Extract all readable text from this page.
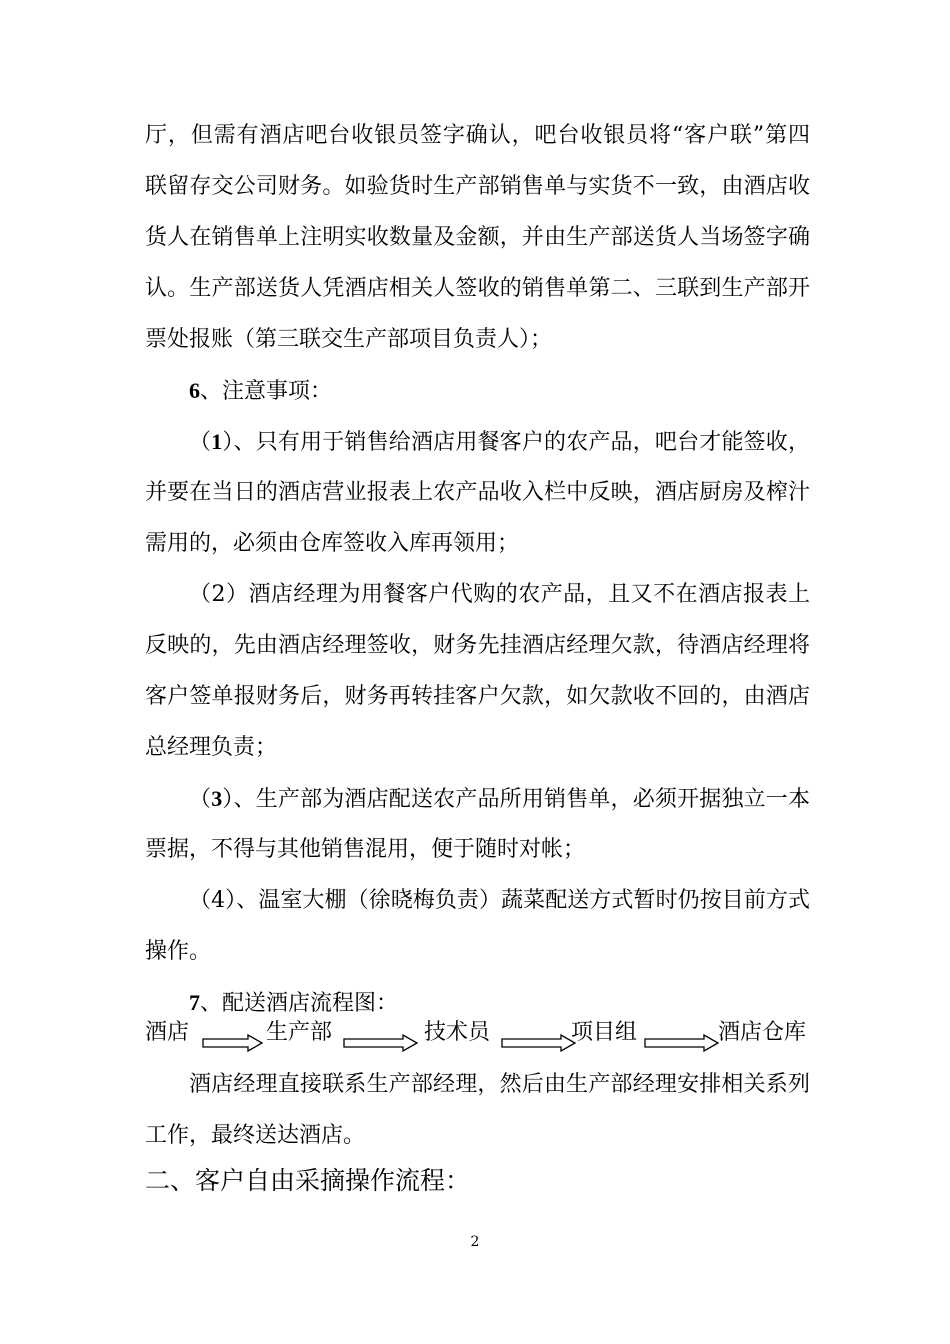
厅，但需有酒店吧台收银员签字确认，吧台收银员将“客户联”第四
联留存交公司财务。如验货时生产部销售单与实货不一致，由酒店收
货人在销售单上注明实收数量及金额，并由生产部送货人当场签字确
认。生产部送货人凭酒店相关人签收的销售单第二、三联到生产部开
票处报账（第三联交生产部项目负责人）；
6、注意事项：
（1）、只有用于销售给酒店用餐客户的农产品，吧台才能签收，
并要在当日的酒店营业报表上农产品收入栏中反映，酒店厨房及榨汁
需用的，必须由仓库签收入库再领用；
（2）酒店经理为用餐客户代购的农产品，且又不在酒店报表上
反映的，先由酒店经理签收，财务先挂酒店经理欠款，待酒店经理将
客户签单报财务后，财务再转挂客户欠款，如欠款收不回的，由酒店
总经理负责；
（3）、生产部为酒店配送农产品所用销售单，必须开据独立一本
票据，不得与其他销售混用，便于随时对帐；
（4）、温室大棚（徐晓梅负责）蔬菜配送方式暂时仍按目前方式
操作。
7、配送酒店流程图：
酒店	生产部	技术员	项目组	酒店仓库
酒店经理直接联系生产部经理，然后由生产部经理安排相关系列
工作，最终送达酒店。
二、客户自由采摘操作流程：
2
